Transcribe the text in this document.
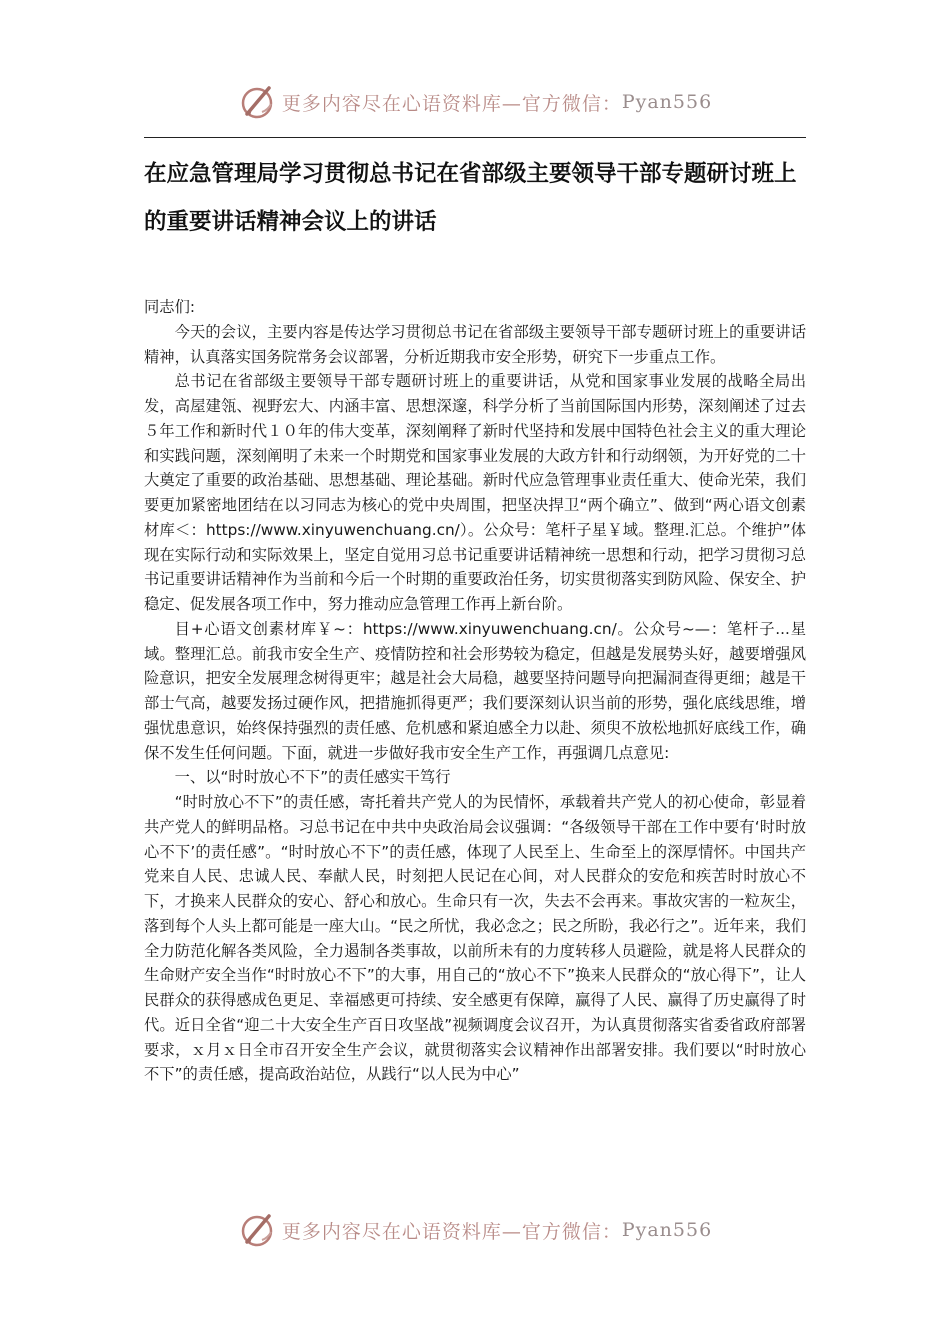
更多内容尽在心语资料库—官方微信： Pyan556
在应急管理局学习贯彻总书记在省部级主要领导干部专题研讨班上的重要讲话精神会议上的讲话

同志们:

今天的会议，主要内容是传达学习贯彻总书记在省部级主要领导干部专题研讨班上的重要讲话精神，认真落实国务院常务会议部署，分析近期我市安全形势，研究下一步重点工作。

总书记在省部级主要领导干部专题研讨班上的重要讲话，从党和国家事业发展的战略全局出发，高屋建瓴、视野宏大、内涵丰富、思想深邃，科学分析了当前国际国内形势，深刻阐述了过去５年工作和新时代１０年的伟大变革，深刻阐释了新时代坚持和发展中国特色社会主义的重大理论和实践问题，深刻阐明了未来一个时期党和国家事业发展的大政方针和行动纲领，为开好党的二十大奠定了重要的政治基础、思想基础、理论基础。新时代应急管理事业责任重大、使命光荣，我们要更加紧密地团结在以习同志为核心的党中央周围，把坚决捍卫“两个确立”、做到“两心语文创素材库＜：https://www.xinyuwenchuang.cn/）。公众号：笔杆子星￥域。整理.汇总。个维护”体现在实际行动和实际效果上，坚定自觉用习总书记重要讲话精神统一思想和行动，把学习贯彻习总书记重要讲话精神作为当前和今后一个时期的重要政治任务，切实贯彻落实到防风险、保安全、护稳定、促发展各项工作中，努力推动应急管理工作再上新台阶。

目+心语文创素材库￥~：https://www.xinyuwenchuang.cn/。公众号~—：笔杆子...星域。整理汇总。前我市安全生产、疫情防控和社会形势较为稳定，但越是发展势头好，越要增强风险意识，把安全发展理念树得更牢；越是社会大局稳，越要坚持问题导向把漏洞查得更细；越是干部士气高，越要发扬过硬作风，把措施抓得更严；我们要深刻认识当前的形势，强化底线思维，增强忧患意识，始终保持强烈的责任感、危机感和紧迫感全力以赴、须臾不放松地抓好底线工作，确保不发生任何问题。下面，就进一步做好我市安全生产工作，再强调几点意见:

一、以“时时放心不下”的责任感实干笃行

“时时放心不下”的责任感，寄托着共产党人的为民情怀，承载着共产党人的初心使命，彰显着共产党人的鲜明品格。习总书记在中共中央政治局会议强调：“各级领导干部在工作中要有‘时时放心不下’的责任感”。“时时放心不下”的责任感，体现了人民至上、生命至上的深厚情怀。中国共产党来自人民、忠诚人民、奉献人民，时刻把人民记在心间，对人民群众的安危和疾苦时时放心不下，才换来人民群众的安心、舒心和放心。生命只有一次，失去不会再来。事故灾害的一粒灰尘，落到每个人头上都可能是一座大山。“民之所忧，我必念之；民之所盼，我必行之”。近年来，我们全力防范化解各类风险，全力遏制各类事故，以前所未有的力度转移人员避险，就是将人民群众的生命财产安全当作“时时放心不下”的大事，用自己的“放心不下”换来人民群众的“放心得下”，让人民群众的获得感成色更足、幸福感更可持续、安全感更有保障，赢得了人民、赢得了历史赢得了时代。近日全省“迎二十大安全生产百日攻坚战”视频调度会议召开，为认真贯彻落实省委省政府部署要求，ｘ月ｘ日全市召开安全生产会议，就贯彻落实会议精神作出部署安排。我们要以“时时放心不下”的责任感，提高政治站位，从践行“以人民为中心”

更多内容尽在心语资料库—官方微信： Pyan556
